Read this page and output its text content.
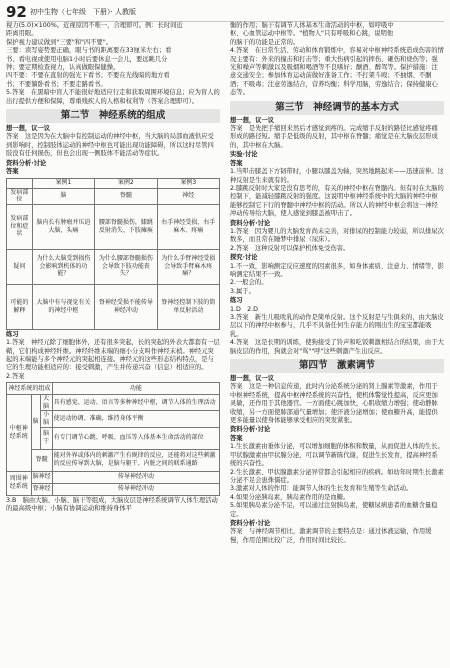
92 初中生物（七年级　下册）· 人教版

视力(5.0)×100%。近视原因不唯一，合理即可。例：长时间近

距离用眼。

保护视力建议做到"三要"和"四不要"。

三要：读写姿势要正确，眼与书的距离要在33厘米左右；看

书、看电视或使用电脑1小时后要休息一会儿，要远眺几分

钟；要定期检查视力，认真做眼保健操。

四不要：不要在直射的强光下看书；不要在光线暗的地方看

书；不要躺卧看书；不要走路看书。

5.答案　在黑暗中盲人不能很好地适应行走和获取周围环境信息；应为盲人的出行提供方便和保障，尊重残疾人的人格和权利等（答案合理即可）。

第二节　神经系统的组成

想一想，议一议

答案　这是因为在大脑中有控制运动的神经中枢，当大脑的局部血液供应受到影响时，控制肢体运动的神经中枢也可能出现功能障碍，所以这时尽管四肢没有任何损伤，但也会出现一侧肢体不能活动等症状。

资料分析·讨论

答案

	案例1	案例2	案例3
发病部位	脑	脊髓	神经
发病部位和症状	脑内长有肿瘤并压迫大脑，头痛	腰部脊髓损伤，膝跳反射消失、下肢瘫痪	右手神经受损，右手麻木、疼痛
疑问	为什么大脑受到损伤会影响到机体的功能？	为什么腰部脊髓损伤会导致下肢功能丧失？	为什么手臂神经受损会导致手臂麻木疼痛？
可能的解释	大脑中有与视觉有关的神经中枢	脊神经受损不能传导神经冲动	脊神经控制下肢的简单反射活动

练习

1.答案　神经元除了细胞体外，还有很多突起，长的突起的外表大都套有一层鞘，它们构成神经纤维。神经纤维末端的细小分支叫作神经末梢。神经元突起的末端能与多个神经元的突起相连接。神经元的这些形态结构特点，是与它的生理功能相适应的：接受刺激，产生并传递兴奋（信息）相适应的。

2.答案

神经系统的组成			功能
中枢神经系统	脑	大脑	具有感觉、运动、语言等多种神经中枢，调节人体的生理活动
		小脑	使运动协调、准确，维持身体平衡
		脑干	有专门调节心跳、呼吸、血压等人体基本生命活动的部位
	脊髓		能对外界或体内的刺激产生有规律的反应，还能将对这些刺激的反应传导到大脑，是脑与躯干、内脏之间的联系通路
周围神经系统	脑神经		传导神经冲动
	脊神经		传导神经冲动

3.B　脑由大脑、小脑、脑干等组成，大脑皮层是神经系统调节人体生理活动的最高级中枢；小脑有协调运动和维持身体平

衡的作用；脑干有调节人体基本生命活动的中枢，如呼吸中

枢、心血管运动中枢等。"植物人"只有呼吸和心跳，说明他

的脑干的功能是正常的。

4.答案　在日常生活、劳动和体育锻炼中，容易对中枢神经系统造成伤害的情况主要有：外来的撞击和打击等；重大伤病引起的摔伤、砸伤和烧伤等；强光和噪声等刺激以及吸烟和喝酒等不良嗜好；酗酒、醉驾等。保护措施：注意交通安全；参加体育运动前做好准备工作；不打架斗殴；不抽烟、不酗酒；不吸毒；注意劳逸结合，营养均衡；科学用脑，劳逸结合；保持健康心态等。

第三节　神经调节的基本方式

想一想，议一议

答案　是先把手缩回来然后才感觉到疼的。完成缩手反射的路径比感觉疼痛形成的路径短。缩手是低级的反射，其中枢在脊髓；痛觉是在大脑皮层形成的，其中枢在大脑。

实验·讨论

答案

1.当叩击膝盖下方韧带时，小腿以膝盖为轴，突然地跳起来——迅速前伸。这种反射是生来就有的。

2.膝跳反射时大家是没有思考的，有关的神经中枢在脊髓内。但有时在大脑的控制下，能减轻膝跳反射的强度。这说明中枢神经系统中的大脑的神经中枢能够控制它下行的脊髓中神经中枢的活动。所以人的神经中枢会将这一神经冲动传导给大脑，使人感觉到膝盖被叩击了。

资料分析·讨论

1.答案　因为婴儿的大脑发育尚未完善，对排尿的控制能力较弱，所以排尿次数多，而且常在睡梦中排尿（尿床）。

2.答案　这种反射可以保护机体免受伤害。

探究·讨论

1.不一致，影响测定反应速度的因素很多，如身体素质、注意力、情绪等，影响测定结果不一致。

2.一般会的。

3.属于。

练习

1.D　2.D

3.答案　新生儿吸吮乳的动作是简单反射。这个反射是与生俱来的，由大脑皮层以下的神经中枢参与，几乎不具备任何生存能力的刚出生的宝宝都能吸乳。

4.答案　这是长期的训练，使狗接受了铃声和吃饭刺激相结合的结果，由于大脑皮层的作用，狗就会对"骂""呼"这些刺激产生出反应。

第四节　激素调节

想一想，议一议

答案　这是一种信息传递，此时内分泌系统分泌的肾上腺素等激素，作用于中枢神经系统，提高中枢神经系统的兴奋性，使机体警觉性提高，反应更加灵敏，还作用于其他器官。一方面使心跳加快，心肌收缩力增强；使动静脉收缩，另一方面使肺部通气量增加；使汗液分泌增加；使血糖升高，能提供更多能量以使身体能够承受相应的突发紧张。

资料分析·讨论

答案

1.生长激素由垂体分泌，可以增加细胞的体积和数量，从而促进人体的生长。甲状腺激素由甲状腺分泌，可以调节新陈代谢，促进生长发育，提高神经系统的兴奋性。

2.生长激素、甲状腺激素分泌异常都会引起相应的疾病。如幼年时期生长激素分泌不足会患侏儒症。

3.激素对人体的作用：能调节人体的生长发育和生殖等生命活动。

4.如果分泌胰岛素，胰岛素作用的是血糖。

5.如果胰岛素分泌不足，可以通过注射胰岛素，使糖尿病患者的血糖含量稳定。

资料分析·讨论

答案　与神经调节相比，激素调节的主要特点是：通过体液运输，作用缓慢，作用范围比较广泛，作用时间比较长。
